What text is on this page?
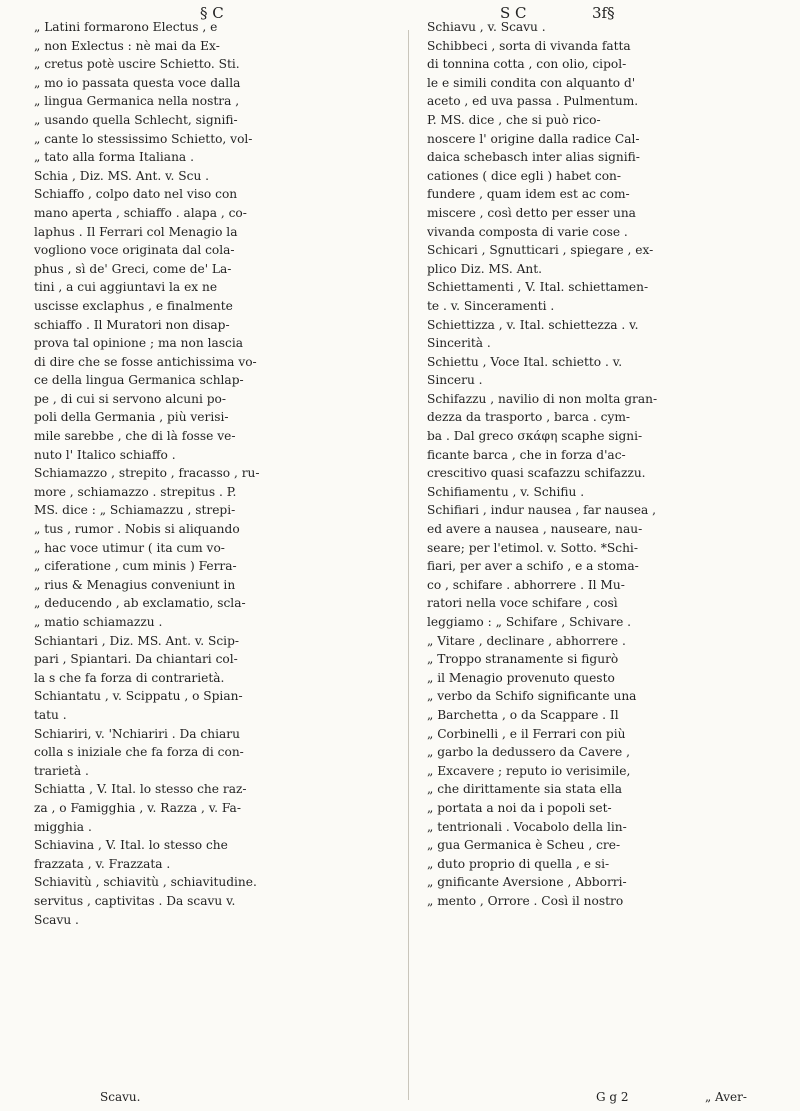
§ C	S C	3f§
„ Latini formarono Electus , e
„ non Exlectus : nè mai da Ex-
„ cretus potè uscire Schietto. Sti.
„ mo io passata questa voce dalla
„ lingua Germanica nella nostra ,
„ usando quella Schlecht, signifi-
„ cante lo stessissimo Schietto, vol-
„ tato alla forma Italiana .
Schia , Diz. MS. Ant. v. Scu .
Schiaffo , colpo dato nel viso con
mano aperta , schiaffo . alapa , co-
laphus . Il Ferrari col Menagio la
vogliono voce originata dal cola-
phus , sì de' Greci, come de' La-
tini , a cui aggiuntavi la ex ne
uscisse exclaphus , e finalmente
schiaffo . Il Muratori non disap-
prova tal opinione ; ma non lascia
di dire che se fosse antichissima vo-
ce della lingua Germanica schlap-
pe , di cui si servono alcuni po-
poli della Germania , più verisi-
mile sarebbe , che di là fosse ve-
nuto l' Italico schiaffo .
Schiamazzo , strepito , fracasso , ru-
more , schiamazzo . strepitus . P.
MS. dice : „ Schiamazzu , strepi-
„ tus , rumor . Nobis si aliquando
„ hac voce utimur ( ita cum vo-
„ ciferatione , cum minis ) Ferra-
„ rius & Menagius conveniunt in
„ deducendo , ab exclamatio, scla-
„ matio schiamazzu .
Schiantari , Diz. MS. Ant. v. Scip-
pari , Spiantari. Da chiantari col-
la s che fa forza di contrarietà.
Schiantatu , v. Scippatu , o Spian-
tatu .
Schiariri, v. 'Nchiariri . Da chiaru
colla s iniziale che fa forza di con-
trarietà .
Schiatta , V. Ital. lo stesso che raz-
za , o Famigghia , v. Razza , v. Fa-
migghia .
Schiavina , V. Ital. lo stesso che
frazzata , v. Frazzata .
Schiavitù , schiavitù , schiavitudine.
servitus , captivitas . Da scavu v.
Scavu .
Schiavu , v. Scavu .
Schibbeci , sorta di vivanda fatta
di tonnina cotta , con olio, cipol-
le e simili condita con alquanto d'
aceto , ed uva passa . Pulmentum.
P. MS. dice , che si può rico-
noscere l' origine dalla radice Cal-
daica schebasch inter alias signifi-
cationes ( dice egli ) habet con-
fundere , quam idem est ac com-
miscere , così detto per esser una
vivanda composta di varie cose .
Schicari , Sgnutticari , spiegare , ex-
plico Diz. MS. Ant.
Schiettamenti , V. Ital. schiettamen-
te . v. Sinceramenti .
Schiettizza , v. Ital. schiettezza . v.
Sincerità .
Schiettu , Voce Ital. schietto . v.
Sinceru .
Schifazzu , navilio di non molta gran-
dezza da trasporto , barca . cym-
ba . Dal greco σκάφη scaphe signi-
ficante barca , che in forza d'ac-
crescitivo quasi scafazzu schifazzu.
Schifiamentu , v. Schifiu .
Schifiari , indur nausea , far nausea ,
ed avere a nausea , nauseare, nau-
seare; per l'etimol. v. Sotto. *Schi-
fiari, per aver a schifo , e a stoma-
co , schifare . abhorrere . Il Mu-
ratori nella voce schifare , così
leggiamo : „ Schifare , Schivare .
„ Vitare , declinare , abhorrere .
„ Troppo stranamente si figurò
„ il Menagio provenuto questo
„ verbo da Schifo significante una
„ Barchetta , o da Scappare . Il
„ Corbinelli , e il Ferrari con più
„ garbo la dedussero da Cavere ,
„ Excavere ; reputo io verisimile,
„ che dirittamente sia stata ella
„ portata a noi da i popoli set-
„ tentrionali . Vocabolo della lin-
„ gua Germanica è Scheu , cre-
„ duto proprio di quella , e si-
„ gnificante Aversione , Abborri-
„ mento , Orrore . Così il nostro
Scavu.	G g 2	„ Aver-
